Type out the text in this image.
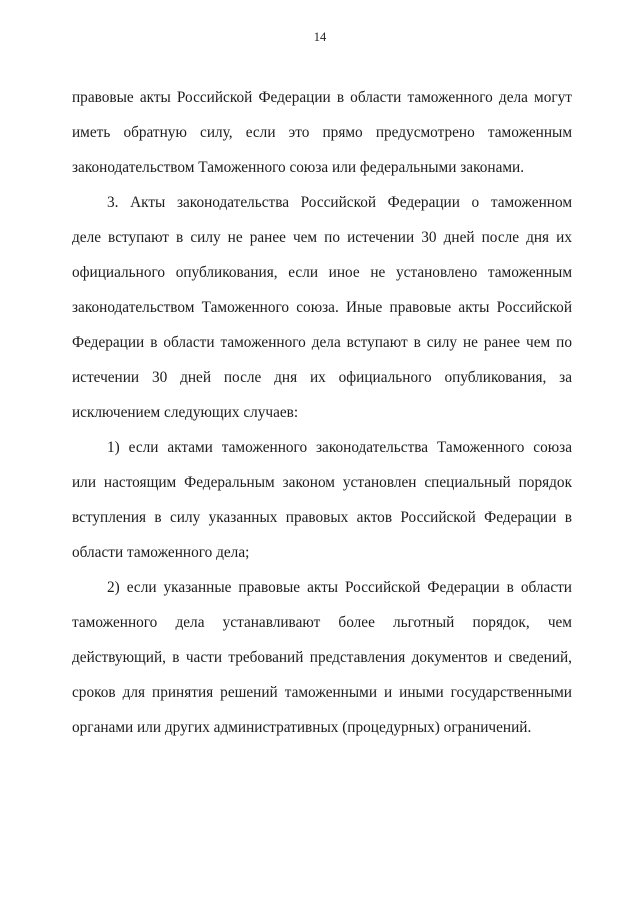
14
правовые акты Российской Федерации в области таможенного дела могут
иметь обратную силу, если это прямо предусмотрено таможенным
законодательством Таможенного союза или федеральными законами.
3. Акты законодательства Российской Федерации о таможенном
деле вступают в силу не ранее чем по истечении 30 дней после дня их
официального опубликования, если иное не установлено таможенным
законодательством Таможенного союза. Иные правовые акты Российской
Федерации в области таможенного дела вступают в силу не ранее чем по
истечении 30 дней после дня их официального опубликования, за
исключением следующих случаев:
1) если актами таможенного законодательства Таможенного союза
или настоящим Федеральным законом установлен специальный порядок
вступления в силу указанных правовых актов Российской Федерации в
области таможенного дела;
2) если указанные правовые акты Российской Федерации в области
таможенного дела устанавливают более льготный порядок, чем
действующий, в части требований представления документов и сведений,
сроков для принятия решений таможенными и иными государственными
органами или других административных (процедурных) ограничений.
